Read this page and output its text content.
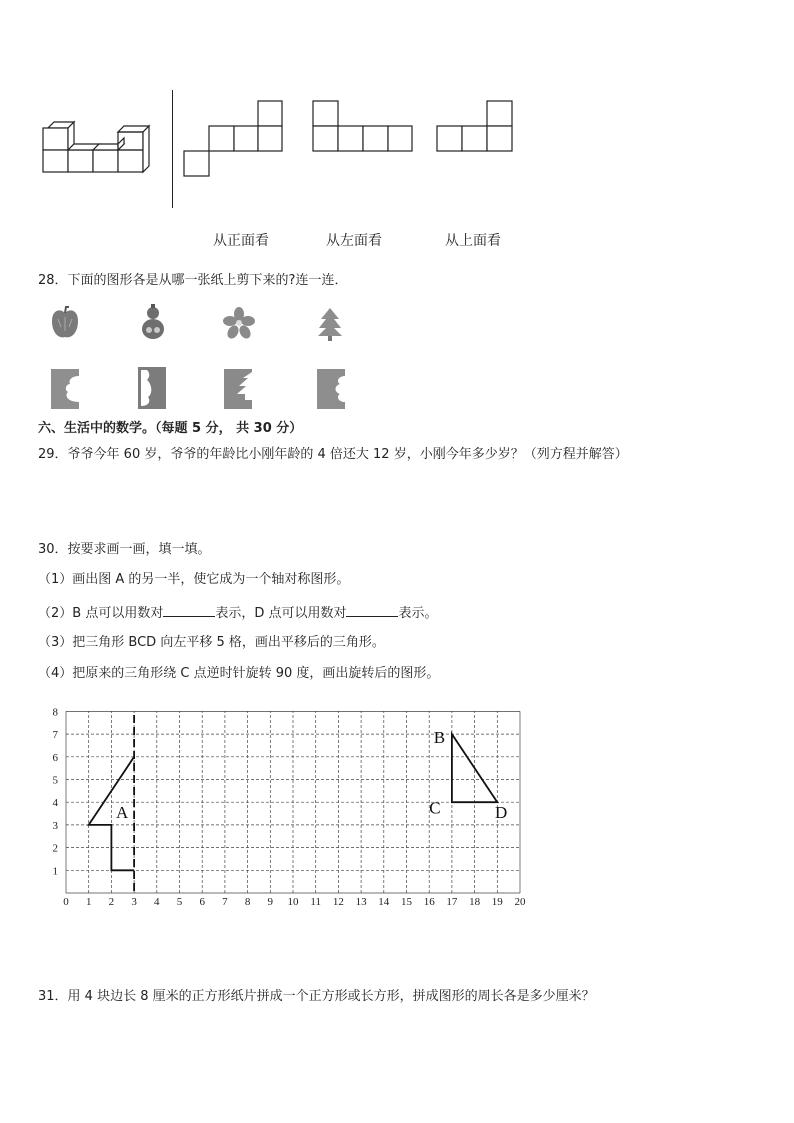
从正面看	从左面看	从上面看
28．下面的图形各是从哪一张纸上剪下来的?连一连．
六、生活中的数学。（每题 5 分， 共 30 分）
29．爷爷今年 60 岁，爷爷的年龄比小刚年龄的 4 倍还大 12 岁，小刚今年多少岁？（列方程并解答）
30．按要求画一画，填一填。
（1）画出图 A 的另一半，使它成为一个轴对称图形。
（2）B 点可以用数对	表示，D 点可以用数对	表示。
（3）把三角形 BCD 向左平移 5 格，画出平移后的三角形。
（4）把原来的三角形绕 C 点逆时针旋转 90 度，画出旋转后的图形。
0 1 2 3 4 5 6 7 8 9 10 11 12 13 14 15 16 17 18 19 20
1
2
3
4
5
6
7
8
A
B
C	D
31．用 4 块边长 8 厘米的正方形纸片拼成一个正方形或长方形，拼成图形的周长各是多少厘米？
